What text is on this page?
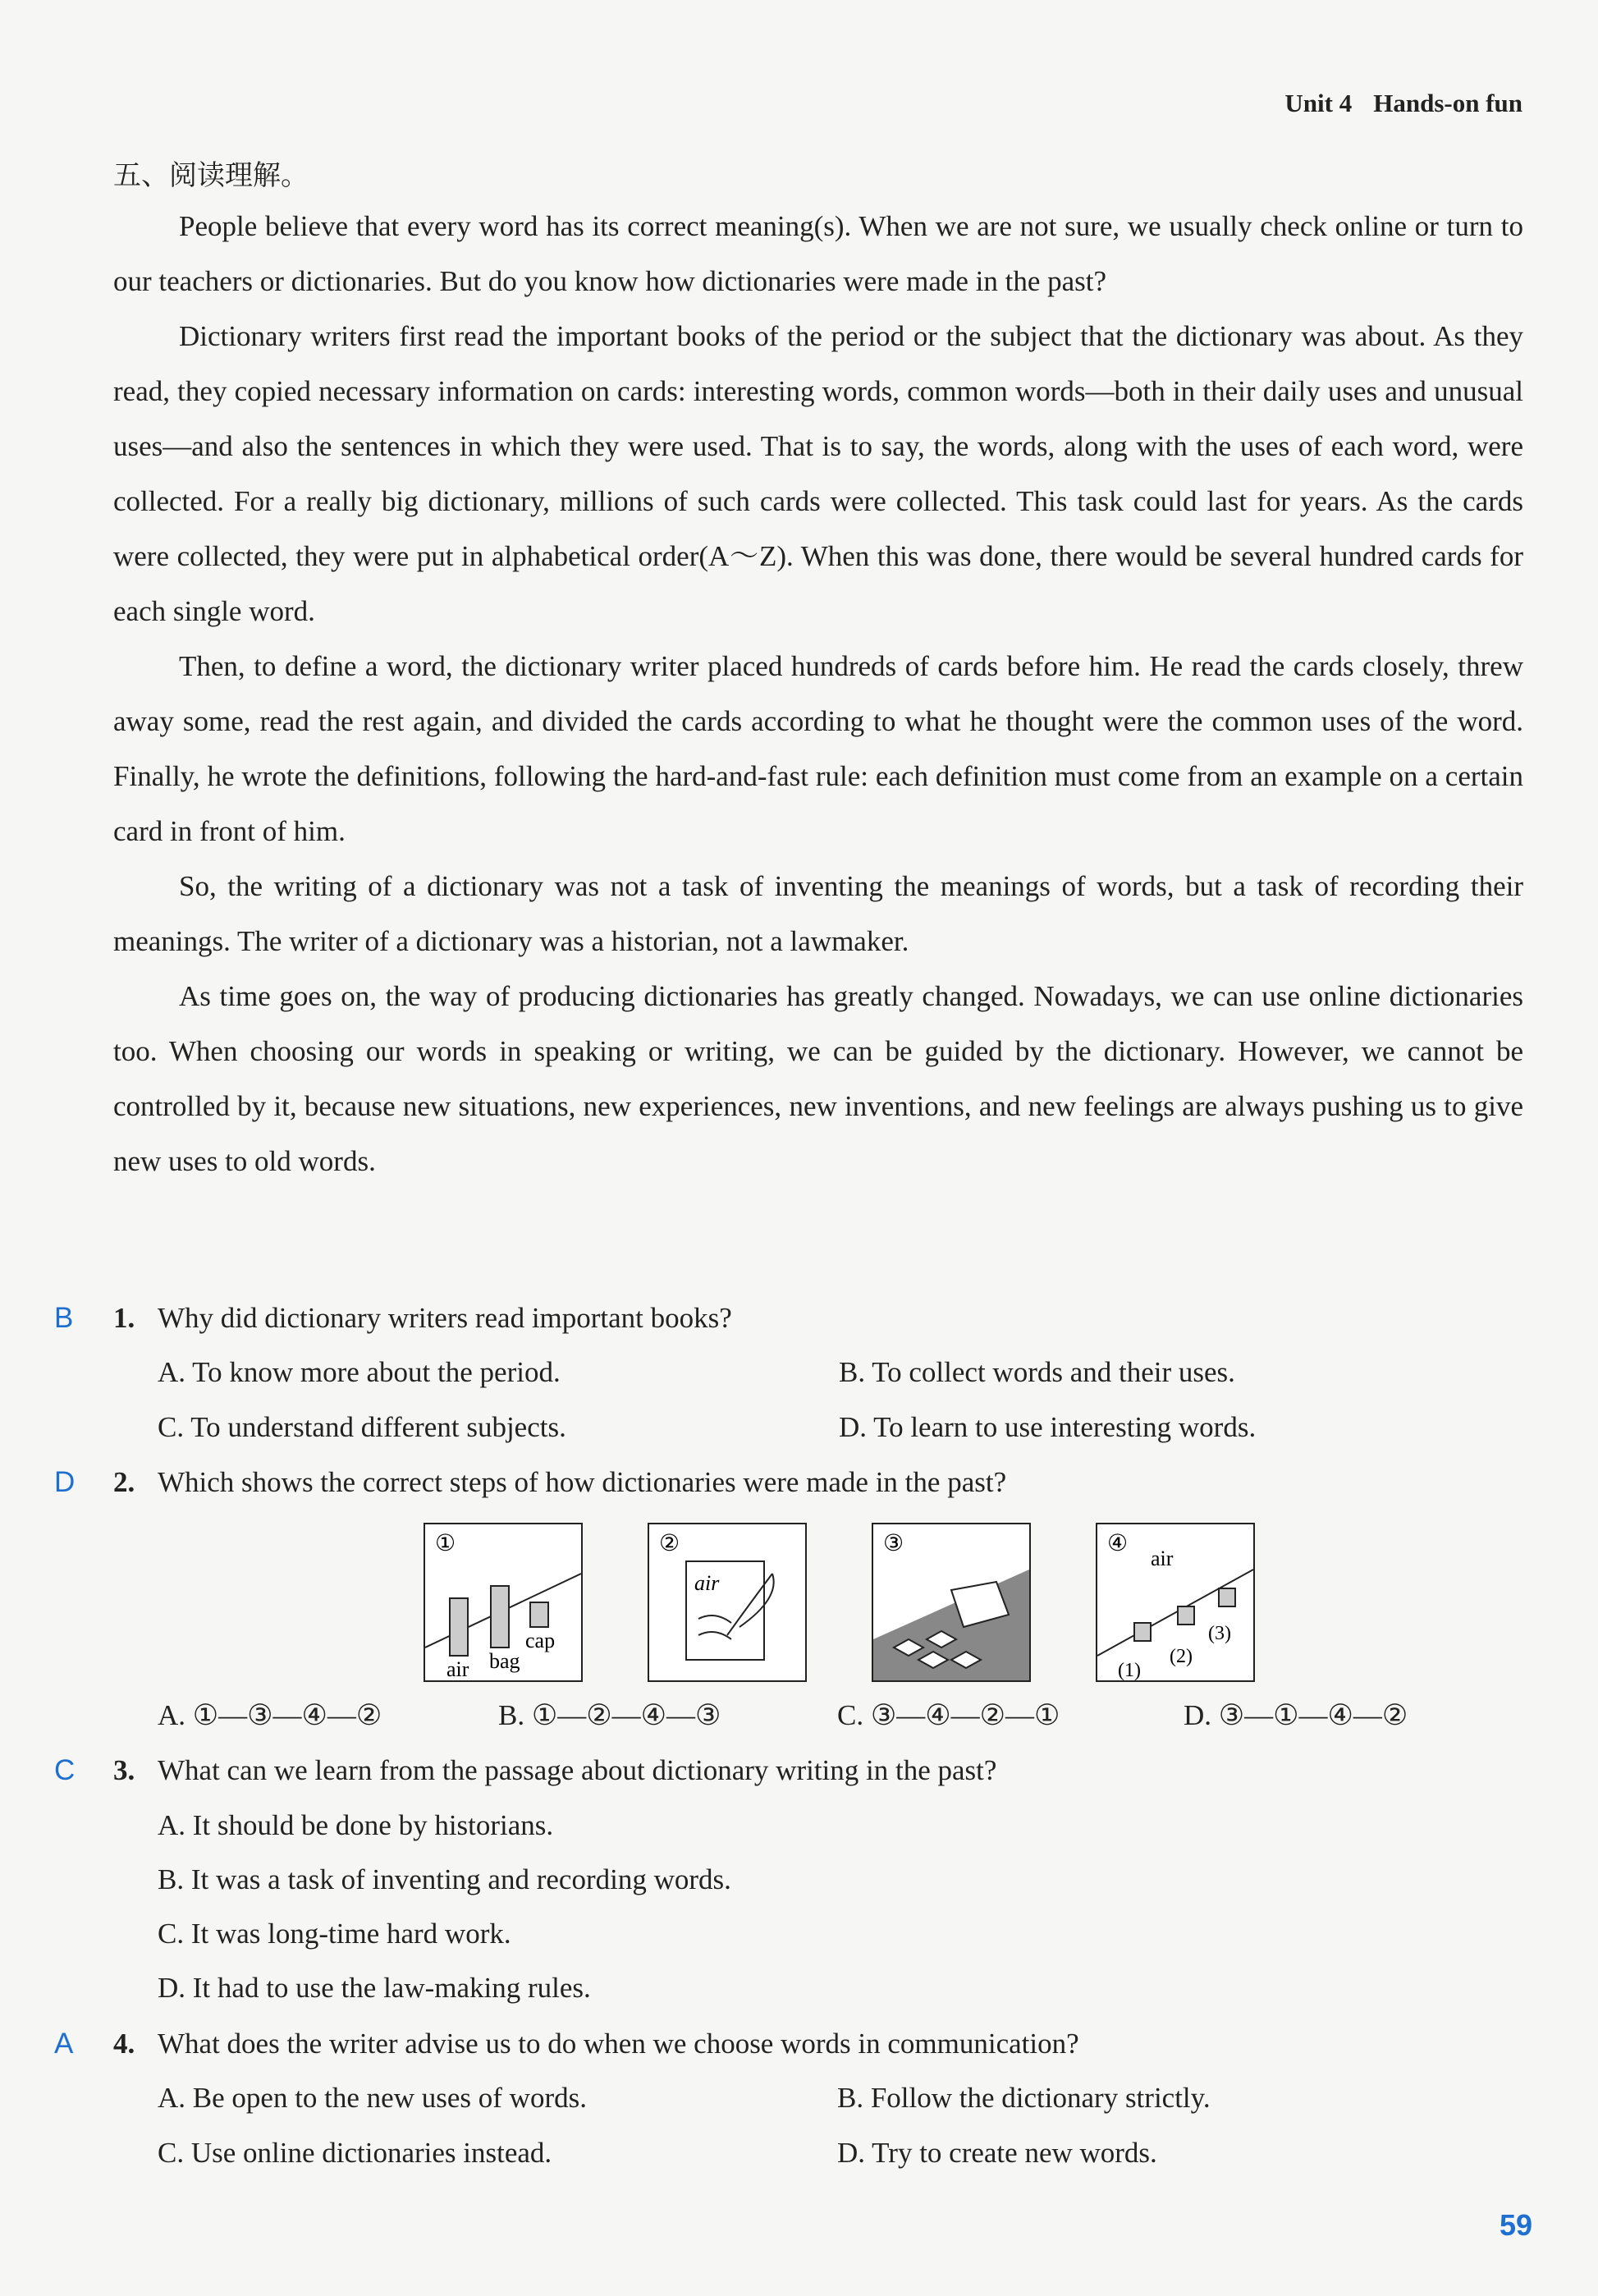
Unit 4 Hands-on fun
五、阅读理解。

People believe that every word has its correct meaning(s). When we are not sure, we usually check online or turn to our teachers or dictionaries. But do you know how dictionaries were made in the past?

Dictionary writers first read the important books of the period or the subject that the dictionary was about. As they read, they copied necessary information on cards: interesting words, common words—both in their daily uses and unusual uses—and also the sentences in which they were used. That is to say, the words, along with the uses of each word, were collected. For a really big dictionary, millions of such cards were collected. This task could last for years. As the cards were collected, they were put in alphabetical order(A～Z). When this was done, there would be several hundred cards for each single word.

Then, to define a word, the dictionary writer placed hundreds of cards before him. He read the cards closely, threw away some, read the rest again, and divided the cards according to what he thought were the common uses of the word. Finally, he wrote the definitions, following the hard-and-fast rule: each definition must come from an example on a certain card in front of him.

So, the writing of a dictionary was not a task of inventing the meanings of words, but a task of recording their meanings. The writer of a dictionary was a historian, not a lawmaker.

As time goes on, the way of producing dictionaries has greatly changed. Nowadays, we can use online dictionaries too. When choosing our words in speaking or writing, we can be guided by the dictionary. However, we cannot be controlled by it, because new situations, new experiences, new inventions, and new feelings are always pushing us to give new uses to old words.

B 1. Why did dictionary writers read important books?
A. To know more about the period.	B. To collect words and their uses.
C. To understand different subjects.	D. To learn to use interesting words.
D 2. Which shows the correct steps of how dictionaries were made in the past?
①
air bag
cap
②
air
③	④
air
(1)
(2)
(3)
A. ①—③—④—②	B. ①—②—④—③	C. ③—④—②—①	D. ③—①—④—②
C 3. What can we learn from the passage about dictionary writing in the past?
A. It should be done by historians.
B. It was a task of inventing and recording words.
C. It was long-time hard work.
D. It had to use the law-making rules.
A 4. What does the writer advise us to do when we choose words in communication?
A. Be open to the new uses of words.	B. Follow the dictionary strictly.
C. Use online dictionaries instead.	D. Try to create new words.
59
